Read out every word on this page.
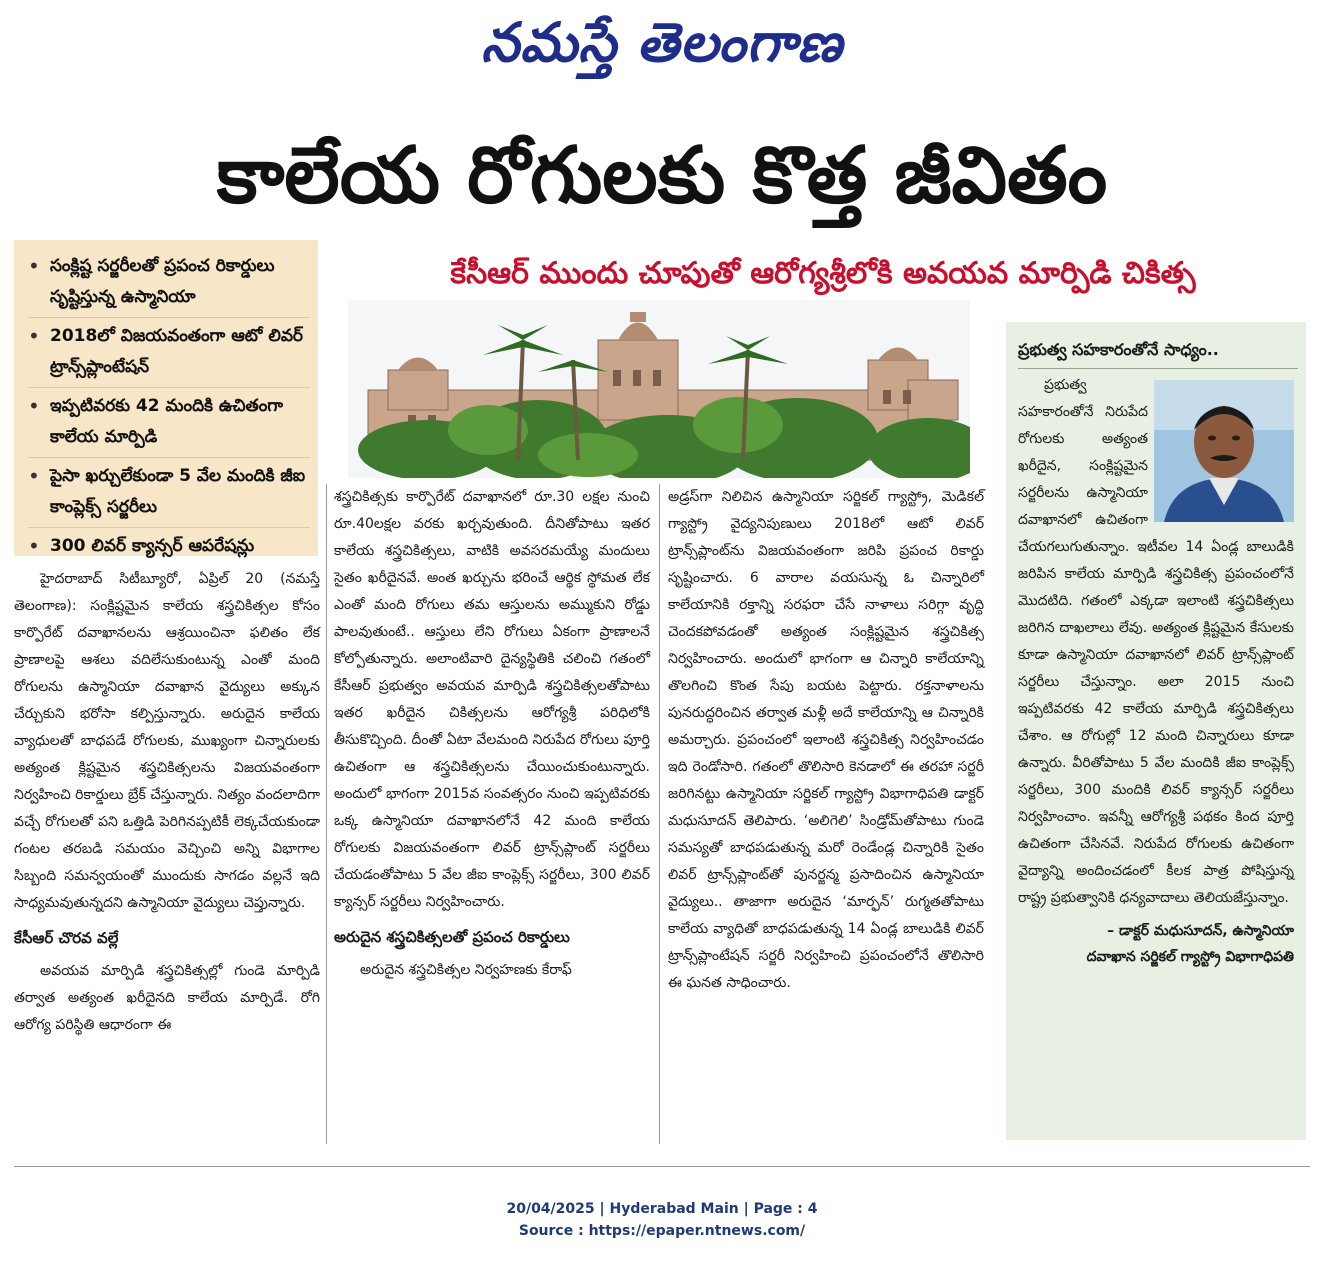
నమస్తే తెలంగాణ
కాలేయ రోగులకు కొత్త జీవితం
• సంక్లిష్ట సర్జరీలతో ప్రపంచ రికార్డులు సృష్టిస్తున్న ఉస్మానియా
• 2018లో విజయవంతంగా ఆటో లివర్ ట్రాన్స్‌ప్లాంటేషన్
• ఇప్పటివరకు 42 మందికి ఉచితంగా కాలేయ మార్పిడి
• పైసా ఖర్చులేకుండా 5 వేల మందికి జీఐ కాంప్లెక్స్ సర్జరీలు
• 300 లివర్ క్యాన్సర్ ఆపరేషన్లు
కేసీఆర్ ముందు చూపుతో ఆరోగ్యశ్రీలోకి అవయవ మార్పిడి చికిత్స

హైదరాబాద్ సిటీబ్యూరో, ఏప్రిల్ 20 (నమస్తే తెలంగాణ): సంక్లిష్టమైన కాలేయ శస్త్రచికిత్సల కోసం కార్పొరేట్ దవాఖానలను ఆశ్రయించినా ఫలితం లేక ప్రాణాలపై ఆశలు వదిలేసుకుంటున్న ఎంతో మంది రోగులను ఉస్మానియా దవాఖాన వైద్యులు అక్కున చేర్చుకుని భరోసా కల్పిస్తున్నారు. అరుదైన కాలేయ వ్యాధులతో బాధపడే రోగులకు, ముఖ్యంగా చిన్నారులకు అత్యంత క్లిష్టమైన శస్త్రచికిత్సలను విజయవంతంగా నిర్వహించి రికార్డులు బ్రేక్ చేస్తున్నారు. నిత్యం వందలాదిగా వచ్చే రోగులతో పని ఒత్తిడి పెరిగినప్పటికీ లెక్కచేయకుండా గంటల తరబడి సమయం వెచ్చించి అన్ని విభాగాల సిబ్బంది సమన్వయంతో ముందుకు సాగడం వల్లనే ఇది సాధ్యమవుతున్నదని ఉస్మానియా వైద్యులు చెప్తున్నారు.

కేసీఆర్ చొరవ వల్లే

అవయవ మార్పిడి శస్త్రచికిత్సల్లో గుండె మార్పిడి తర్వాత అత్యంత ఖరీదైనది కాలేయ మార్పిడే. రోగి ఆరోగ్య పరిస్థితి ఆధారంగా ఈ

శస్త్రచికిత్సకు కార్పొరేట్ దవాఖానలో రూ.30 లక్షల నుంచి రూ.40లక్షల వరకు ఖర్చవుతుంది. దీనితోపాటు ఇతర కాలేయ శస్త్రచికిత్సలు, వాటికి అవసరమయ్యే మందులు సైతం ఖరీదైనవే. అంత ఖర్చును భరించే ఆర్థిక స్థోమత లేక ఎంతో మంది రోగులు తమ ఆస్తులను అమ్ముకుని రోడ్డు పాలవుతుంటే.. ఆస్తులు లేని రోగులు ఏకంగా ప్రాణాలనే కోల్పోతున్నారు. అలాంటివారి దైన్యస్థితికి చలించి గతంలో కేసీఆర్ ప్రభుత్వం అవయవ మార్పిడి శస్త్రచికిత్సలతోపాటు ఇతర ఖరీదైన చికిత్సలను ఆరోగ్యశ్రీ పరిధిలోకి తీసుకొచ్చింది. దీంతో ఏటా వేలమంది నిరుపేద రోగులు పూర్తి ఉచితంగా ఆ శస్త్రచికిత్సలను చేయించుకుంటున్నారు. అందులో భాగంగా 2015వ సంవత్సరం నుంచి ఇప్పటివరకు ఒక్క ఉస్మానియా దవాఖానలోనే 42 మంది కాలేయ రోగులకు విజయవంతంగా లివర్ ట్రాన్స్‌ప్లాంట్ సర్జరీలు చేయడంతోపాటు 5 వేల జీఐ కాంప్లెక్స్ సర్జరీలు, 300 లివర్ క్యాన్సర్ సర్జరీలు నిర్వహించారు.

అరుదైన శస్త్రచికిత్సలతో ప్రపంచ రికార్డులు

అరుదైన శస్త్రచికిత్సల నిర్వహణకు కేరాఫ్

అడ్రస్‌గా నిలిచిన ఉస్మానియా సర్జికల్ గ్యాస్ట్రో, మెడికల్ గ్యాస్ట్రో వైద్యనిపుణులు 2018లో ఆటో లివర్ ట్రాన్స్‌ప్లాంట్‌ను విజయవంతంగా జరిపి ప్రపంచ రికార్డు సృష్టించారు. 6 వారాల వయసున్న ఓ చిన్నారిలో కాలేయానికి రక్తాన్ని సరఫరా చేసే నాళాలు సరిగ్గా వృద్ధి చెందకపోవడంతో అత్యంత సంక్లిష్టమైన శస్త్రచికిత్స నిర్వహించారు. అందులో భాగంగా ఆ చిన్నారి కాలేయాన్ని తొలగించి కొంత సేపు బయట పెట్టారు. రక్తనాళాలను పునరుద్ధరించిన తర్వాత మళ్లీ అదే కాలేయాన్ని ఆ చిన్నారికి అమర్చారు. ప్రపంచంలో ఇలాంటి శస్త్రచికిత్స నిర్వహించడం ఇది రెండోసారి. గతంలో తొలిసారి కెనడాలో ఈ తరహా సర్జరీ జరిగినట్టు ఉస్మానియా సర్జికల్ గ్యాస్ట్రో విభాగాధిపతి డాక్టర్ మధుసూదన్ తెలిపారు. ‘అలిగెలి’ సిండ్రోమ్‌తోపాటు గుండె సమస్యతో బాధపడుతున్న మరో రెండేండ్ల చిన్నారికి సైతం లివర్ ట్రాన్స్‌ప్లాంట్‌తో పునర్జన్మ ప్రసాదించిన ఉస్మానియా వైద్యులు.. తాజాగా అరుదైన ‘మార్ఫన్’ రుగ్మతతోపాటు కాలేయ వ్యాధితో బాధపడుతున్న 14 ఏండ్ల బాలుడికి లివర్ ట్రాన్స్‌ప్లాంటేషన్ సర్జరీ నిర్వహించి ప్రపంచంలోనే తొలిసారి ఈ ఘనత సాధించారు.

ప్రభుత్వ సహకారంతోనే సాధ్యం..

ప్రభుత్వ సహకారంతోనే నిరుపేద రోగులకు అత్యంత ఖరీదైన, సంక్లిష్టమైన సర్జరీలను ఉస్మానియా దవాఖానలో ఉచితంగా చేయగలుగుతున్నాం. ఇటీవల 14 ఏండ్ల బాలుడికి జరిపిన కాలేయ మార్పిడి శస్త్రచికిత్స ప్రపంచంలోనే మొదటిది. గతంలో ఎక్కడా ఇలాంటి శస్త్రచికిత్సలు జరిగిన దాఖలాలు లేవు. అత్యంత క్లిష్టమైన కేసులకు కూడా ఉస్మానియా దవాఖానలో లివర్ ట్రాన్స్‌ప్లాంట్ సర్జరీలు చేస్తున్నాం. అలా 2015 నుంచి ఇప్పటివరకు 42 కాలేయ మార్పిడి శస్త్రచికిత్సలు చేశాం. ఆ రోగుల్లో 12 మంది చిన్నారులు కూడా ఉన్నారు. వీరితోపాటు 5 వేల మందికి జీఐ కాంప్లెక్స్ సర్జరీలు, 300 మందికి లివర్ క్యాన్సర్ సర్జరీలు నిర్వహించాం. ఇవన్నీ ఆరోగ్యశ్రీ పథకం కింద పూర్తి ఉచితంగా చేసినవే. నిరుపేద రోగులకు ఉచితంగా వైద్యాన్ని అందించడంలో కీలక పాత్ర పోషిస్తున్న రాష్ట్ర ప్రభుత్వానికి ధన్యవాదాలు తెలియజేస్తున్నాం.

– డాక్టర్ మధుసూదన్, ఉస్మానియా
దవాఖాన సర్జికల్ గ్యాస్ట్రో విభాగాధిపతి
20/04/2025 | Hyderabad Main | Page : 4
Source : https://epaper.ntnews.com/
